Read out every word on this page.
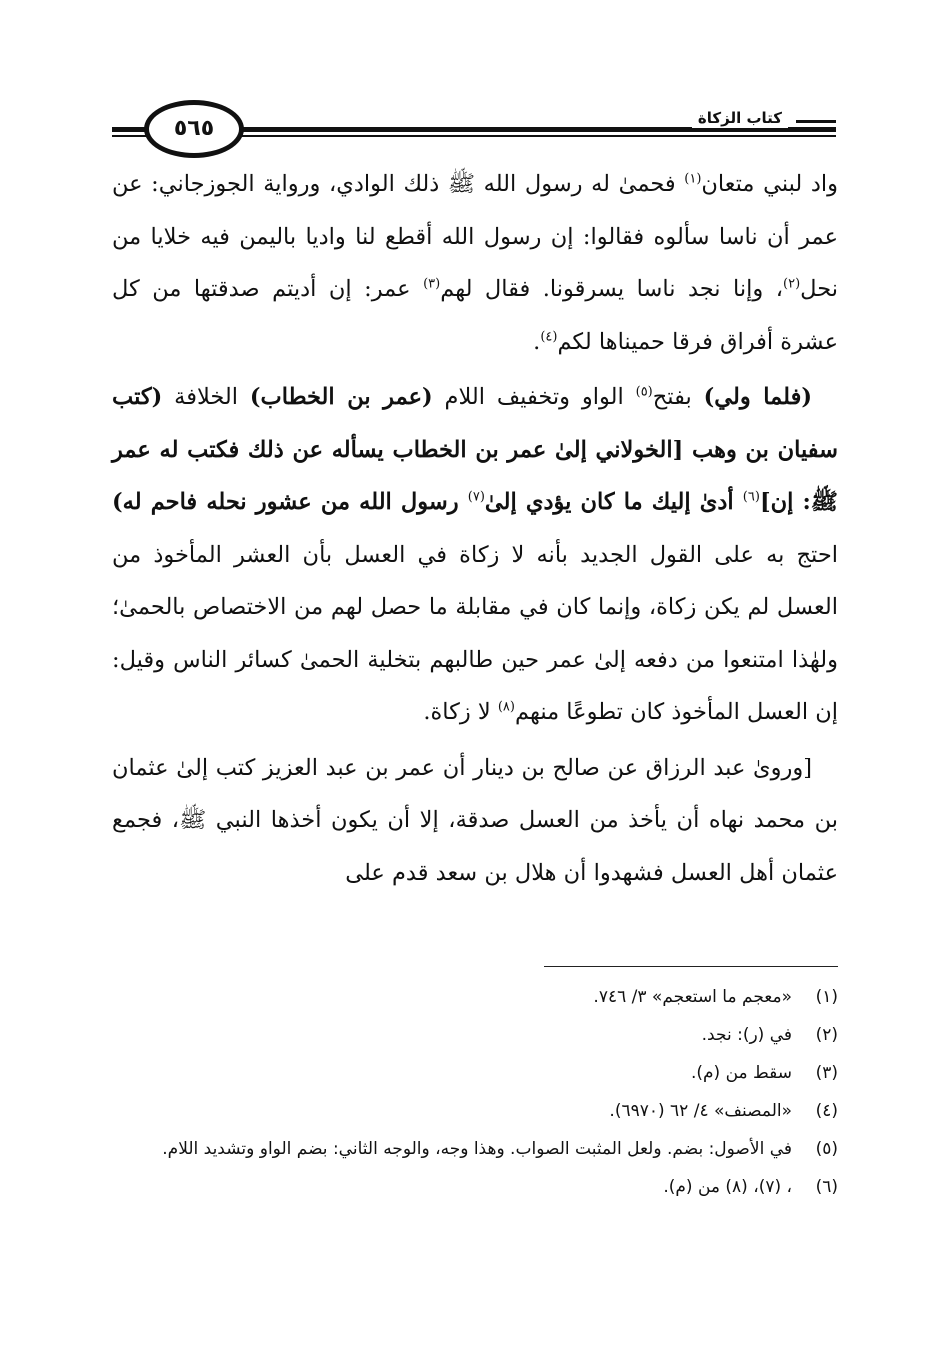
٥٦٥	كتاب الزكاة

واد لبني متعان$^{(١)}$ فحمىٰ له رسول الله ﷺ ذلك الوادي، ورواية الجوزجاني: عن عمر أن ناسا سألوه فقالوا: إن رسول الله أقطع لنا واديا باليمن فيه خلايا من نحل$^{(٢)}$، وإنا نجد ناسا يسرقونا. فقال لهم$^{(٣)}$ عمر: إن أديتم صدقتها من كل عشرة أفراق فرقا حميناها لكم$^{(٤)}$.

(فلما ولي) بفتح$^{(٥)}$ الواو وتخفيف اللام (عمر بن الخطاب) الخلافة (كتب سفيان بن وهب [الخولاني إلىٰ عمر بن الخطاب يسأله عن ذلك فكتب له عمر ﷺ: إن]$^{(٦)}$ أدىٰ إليك ما كان يؤدي إلىٰ$^{(٧)}$ رسول الله من عشور نحله فاحم له) احتج به على القول الجديد بأنه لا زكاة في العسل بأن العشر المأخوذ من العسل لم يكن زكاة، وإنما كان في مقابلة ما حصل لهم من الاختصاص بالحمىٰ؛ ولهٰذا امتنعوا من دفعه إلىٰ عمر حين طالبهم بتخلية الحمىٰ كسائر الناس وقيل: إن العسل المأخوذ كان تطوعًا منهم$^{(٨)}$ لا زكاة.

[وروىٰ عبد الرزاق عن صالح بن دينار أن عمر بن عبد العزيز كتب إلىٰ عثمان بن محمد نهاه أن يأخذ من العسل صدقة، إلا أن يكون أخذها النبي ﷺ، فجمع عثمان أهل العسل فشهدوا أن هلال بن سعد قدم على

(١)
«معجم ما استعجم» ٣/ ٧٤٦.
(٢)
في (ر): نجد.
(٣)
سقط من (م).
(٤)
«المصنف» ٤/ ٦٢ (٦٩٧٠).
(٥)
في الأصول: بضم. ولعل المثبت الصواب. وهذا وجه، والوجه الثاني: بضم الواو وتشديد اللام.
(٦)
، (٧)، (٨) من (م).
